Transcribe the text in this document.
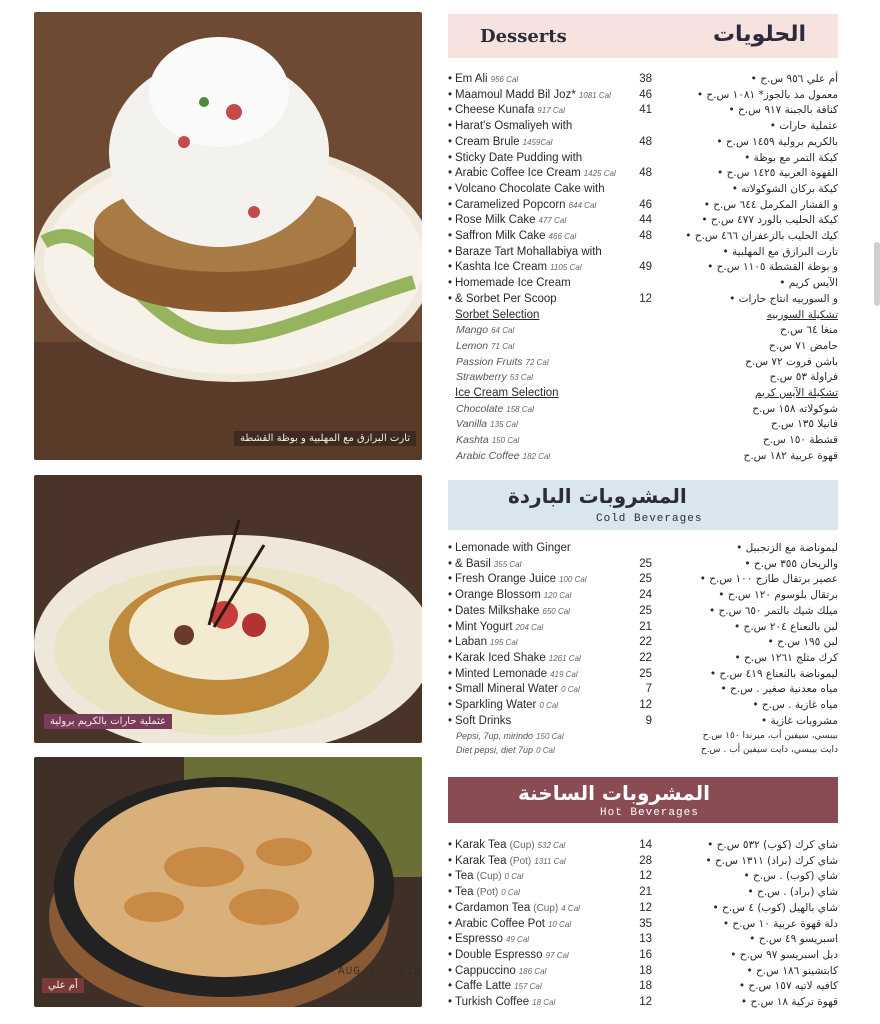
تارت البرازق مع المهلبية و بوظة القشطة
عثملية حارات بالكريم برولية
أم علي
AUG 2, 2019
Desserts	الحلويات
المشروبات الباردة
Cold Beverages
المشروبات الساخنة
Hot Beverages
• Em Ali 956 Cal	38	أم علي ٩٥٦ س.ح •
• Maamoul Madd Bil Joz* 1081 Cal	46	معمول مد بالجوز* ١٠٨١ س.ح •
• Cheese Kunafa 917 Cal	41	كنافة بالجبنة ٩١٧ س.ح •
• Harat's Osmaliyeh with	عثملية حارات •
• Cream Brule 1459Cal	48	بالكريم برولية ١٤٥٩ س.ح •
• Sticky Date Pudding with	كيكة التمر مع بوظة •
• Arabic Coffee Ice Cream 1425 Cal	48	القهوة العربية ١٤٢٥ س.ح •
• Volcano Chocolate Cake with	كيكة بركان الشوكولاته •
• Caramelized Popcorn 644 Cal	46	و الفشار المكرمل ٦٤٤ س.ح •
• Rose Milk Cake 477 Cal	44	كيكة الحليب بالورد ٤٧٧ س.ح •
• Saffron Milk Cake 466 Cal	48	كيك الحليب بالزعفران ٤٦٦ س.ح •
• Baraze Tart Mohallabiya with	تارت البرازق مع المهلبية •
• Kashta Ice Cream 1105 Cal	49	و بوظة القشطة ١١٠٥ س.ح •
• Homemade Ice Cream	الآيس كريم •
• & Sorbet Per Scoop	12	و السوربيه انتاج حارات •
Sorbet Selection	تشكيلة السوربيه
Mango 64 Cal	منغا ٦٤ س.ح
Lemon 71 Cal	حامض ٧١ س.ح
Passion Fruits 72 Cal	باشن فروت ٧٢ س.ح
Strawberry 53 Cal	فراولة ٥٣ س.ح
Ice Cream Selection	تشكيلة الآيس كريم
Chocolate 158 Cal	شوكولاته ١٥٨ س.ح
Vanilla 135 Cal	فانيلا ١٣٥ س.ح
Kashta 150 Cal	قشطة ١٥٠ س.ح
Arabic Coffee 182 Cal	قهوة عربية ١٨٢ س.ح
• Lemonade with Ginger	ليموناضة مع الزنجبيل •
• & Basil 355 Cal	25	والريحان ٣٥٥ س.ح •
• Fresh Orange Juice 100 Cal	25	عصير برتقال طازج ١٠٠ س.ح •
• Orange Blossom 120 Cal	24	برتقال بلوسوم ١٢٠ س.ح •
• Dates Milkshake 650 Cal	25	ميلك شيك بالتمر ٦٥٠ س.ح •
• Mint Yogurt 204 Cal	21	لبن بالنعناع ٢٠٤ س.ح •
• Laban 195 Cal	22	لبن ١٩٥ س.ح •
• Karak Iced Shake 1261 Cal	22	كرك مثلج ١٢٦١ س.ح •
• Minted Lemonade 419 Cal	25	ليموناضة بالنعناع ٤١٩ س.ح •
• Small Mineral Water 0 Cal	7	مياه معدنية صغير . س.ح •
• Sparkling Water 0 Cal	12	مياه غازية . س.ح •
• Soft Drinks	9	مشروبات غازية •
Pepsi, 7up, mirindo 150 Cal	بيبسي، سيفين أب، ميرندا ١٥٠ س.ح
Diet pepsi, diet 7up 0 Cal	دايت بيبسي، دايت سيفين أب . س.ح
• Karak Tea (Cup) 532 Cal	14	شاي كرك (كوب) ٥٣٢ س.ح •
• Karak Tea (Pot) 1311 Cal	28	شاي كرك (براد) ١٣١١ س.ح •
• Tea (Cup) 0 Cal	12	شاي (كوب) . س.ح •
• Tea (Pot) 0 Cal	21	شاي (براد) . س.ح •
• Cardamon Tea (Cup) 4 Cal	12	شاي بالهيل (كوب) ٤ س.ح •
• Arabic Coffee Pot 10 Cal	35	دلة قهوة عربية ١٠ س.ح •
• Espresso 49 Cal	13	اسبريسو ٤٩ س.ح •
• Double Espresso 97 Cal	16	دبل اسبريسو ٩٧ س.ح •
• Cappuccino 186 Cal	18	كابتشينو ١٨٦ س.ح •
• Caffe Latte 157 Cal	18	كافيه لاتيه ١٥٧ س.ح •
• Turkish Coffee 18 Cal	12	قهوة تركية ١٨ س.ح •
